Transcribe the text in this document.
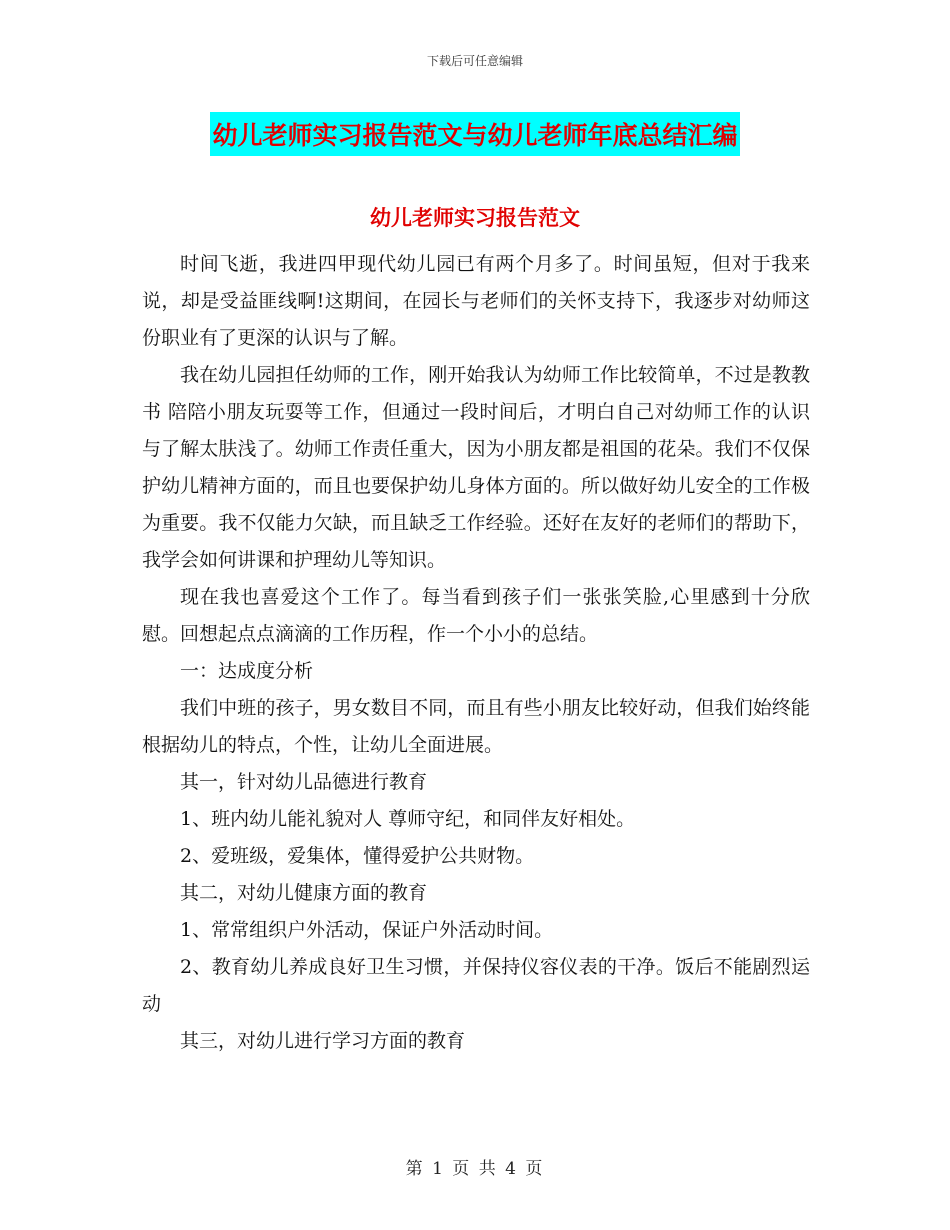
下载后可任意编辑
幼儿老师实习报告范文与幼儿老师年底总结汇编
幼儿老师实习报告范文

时间飞逝，我进四甲现代幼儿园已有两个月多了。时间虽短，但对于我来说，却是受益匪线啊!这期间，在园长与老师们的关怀支持下，我逐步对幼师这份职业有了更深的认识与了解。

我在幼儿园担任幼师的工作，刚开始我认为幼师工作比较简单，不过是教教书 陪陪小朋友玩耍等工作，但通过一段时间后，才明白自己对幼师工作的认识与了解太肤浅了。幼师工作责任重大，因为小朋友都是祖国的花朵。我们不仅保护幼儿精神方面的，而且也要保护幼儿身体方面的。所以做好幼儿安全的工作极为重要。我不仅能力欠缺，而且缺乏工作经验。还好在友好的老师们的帮助下，我学会如何讲课和护理幼儿等知识。

现在我也喜爱这个工作了。每当看到孩子们一张张笑脸,心里感到十分欣慰。回想起点点滴滴的工作历程，作一个小小的总结。

一：达成度分析

我们中班的孩子，男女数目不同，而且有些小朋友比较好动，但我们始终能根据幼儿的特点，个性，让幼儿全面进展。

其一，针对幼儿品德进行教育

1、班内幼儿能礼貌对人 尊师守纪，和同伴友好相处。

2、爱班级，爱集体，懂得爱护公共财物。

其二，对幼儿健康方面的教育

1、常常组织户外活动，保证户外活动时间。

2、教育幼儿养成良好卫生习惯，并保持仪容仪表的干净。饭后不能剧烈运动

其三，对幼儿进行学习方面的教育

第 1 页 共 4 页
